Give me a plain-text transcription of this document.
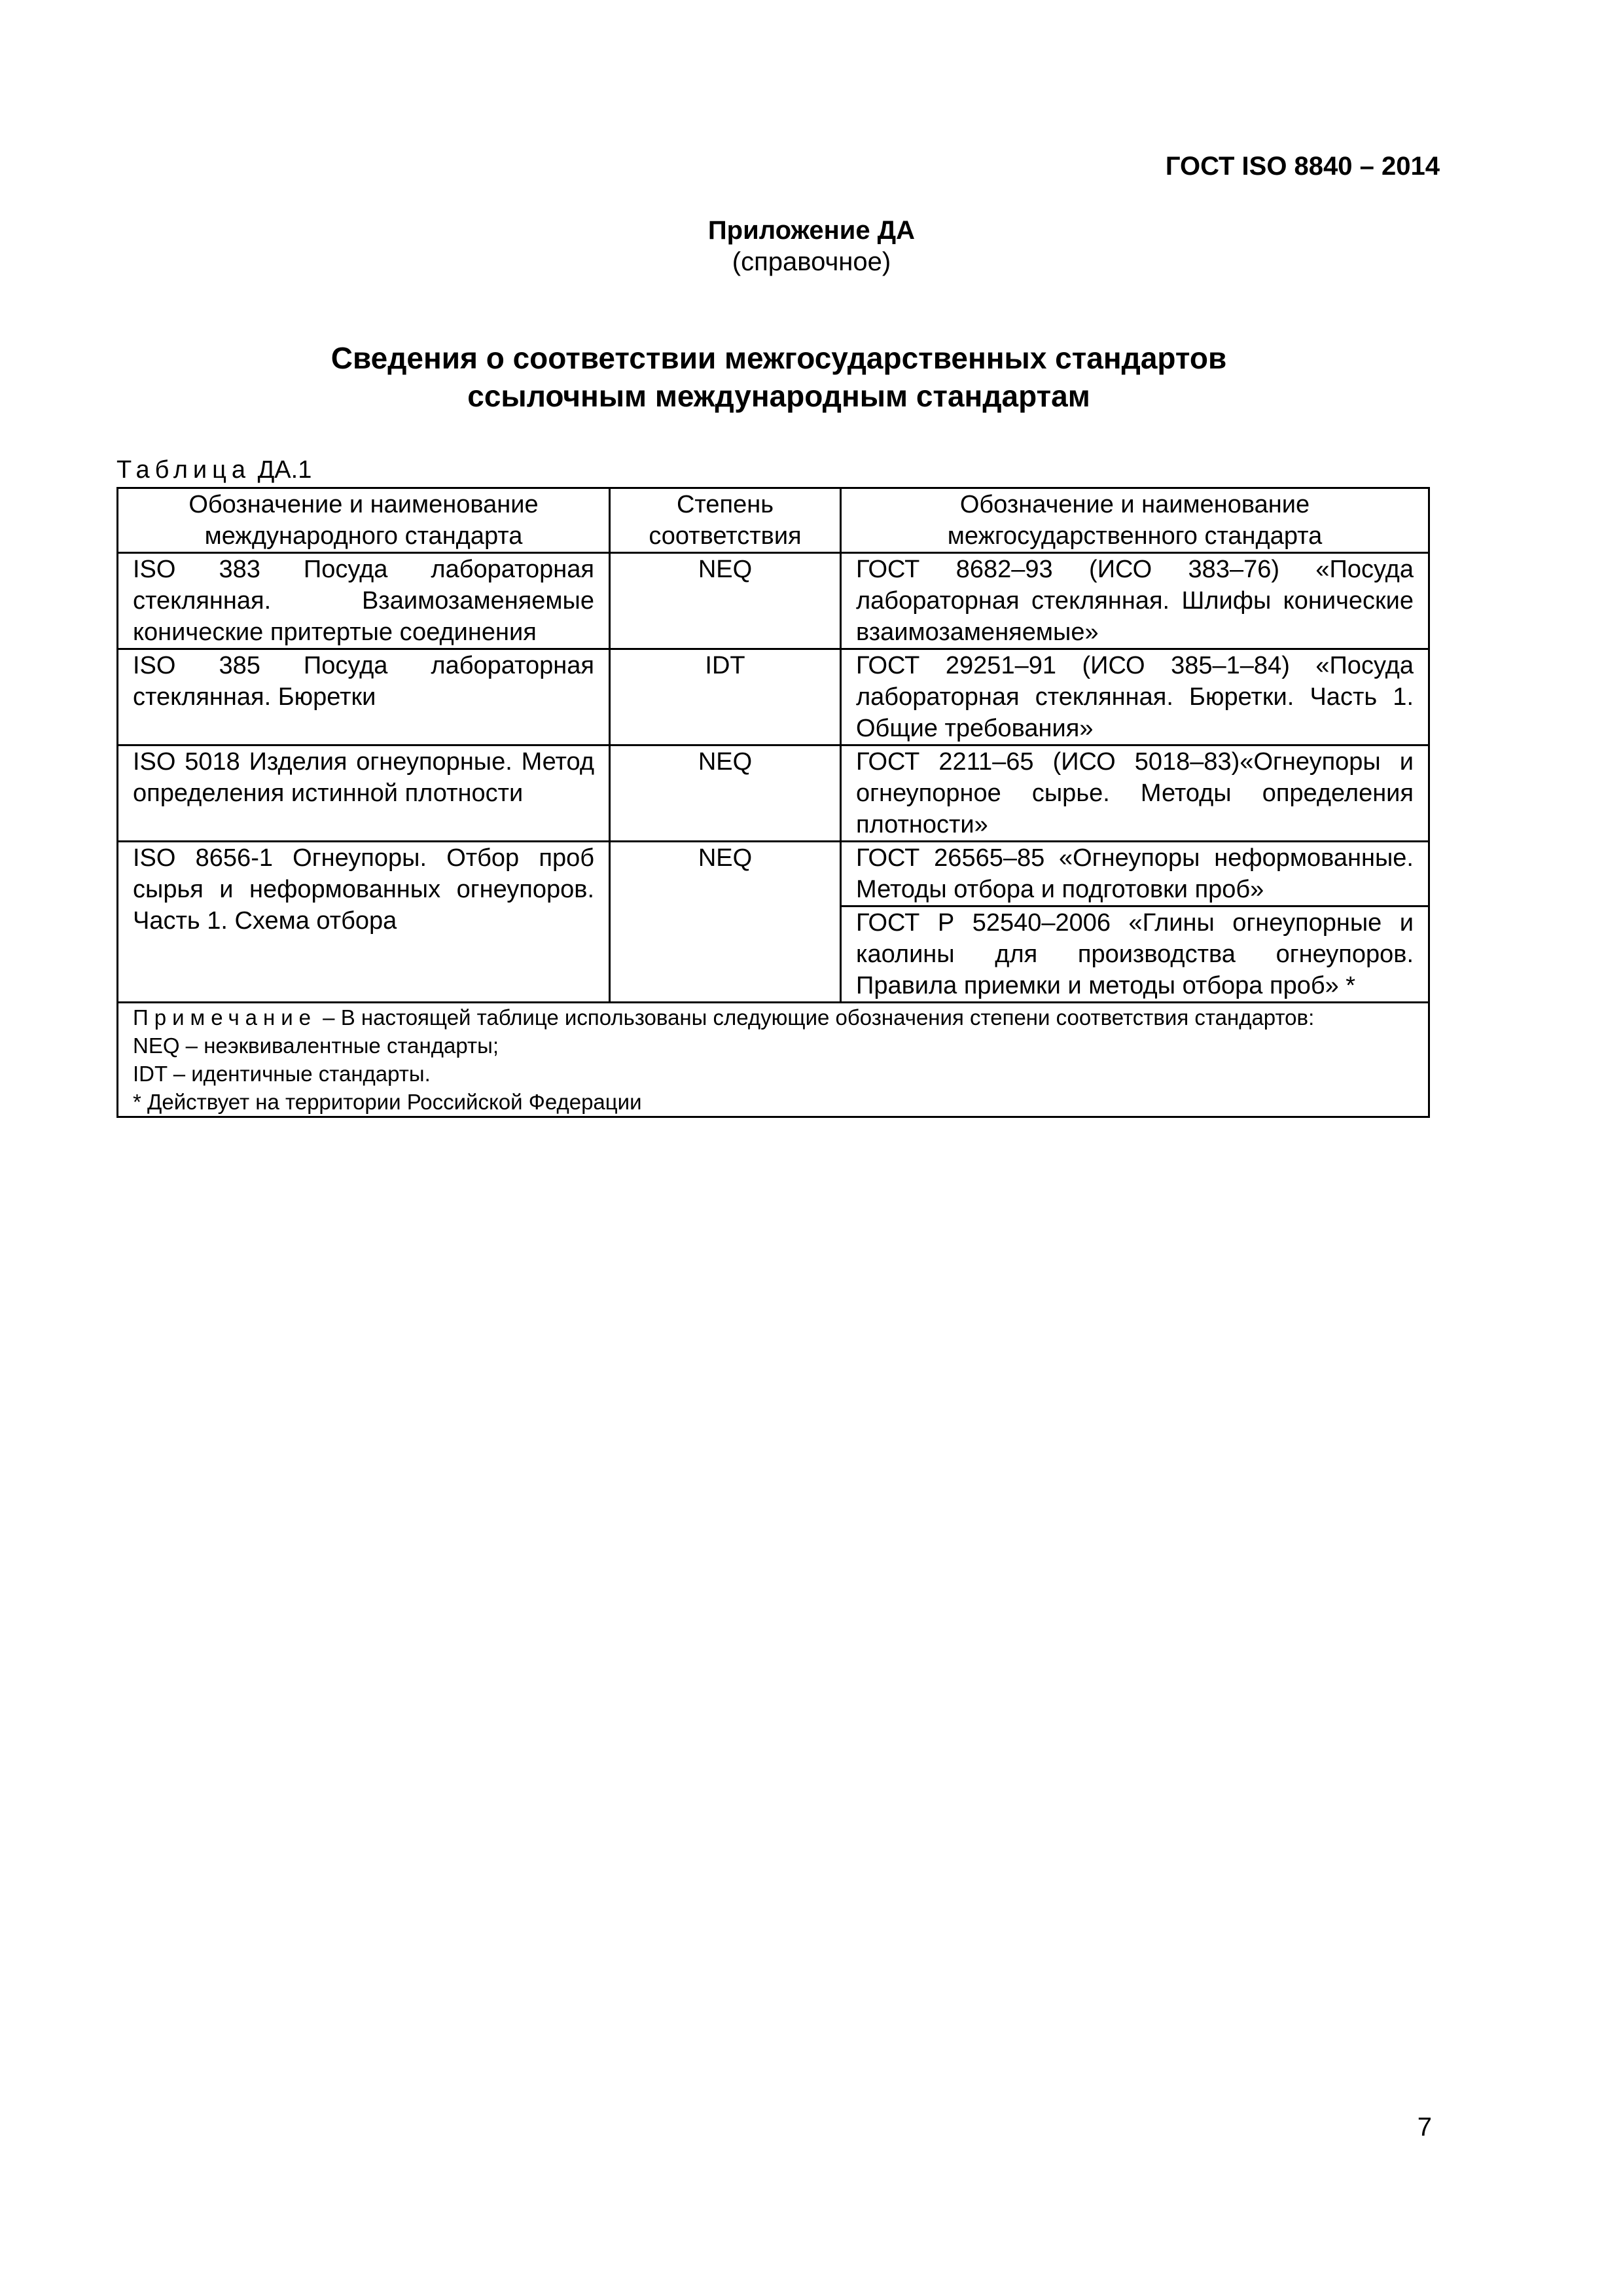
ГОСТ ISO 8840 – 2014
Приложение ДА
(справочное)
Сведения о соответствии межгосударственных стандартов
ссылочным международным стандартам
Таблица ДА.1
Обозначение и наименование международного стандарта	Степень соответствия	Обозначение и наименование межгосударственного стандарта
ISO 383 Посуда лабораторная стеклянная. Взаимозаменяемые конические притертые соединения	NEQ	ГОСТ 8682–93 (ИСО 383–76) «Посуда лабораторная стеклянная. Шлифы конические взаимозаменяемые»
ISO 385 Посуда лабораторная стеклянная. Бюретки	IDT	ГОСТ 29251–91 (ИСО 385–1–84) «Посуда лабораторная стеклянная. Бюретки. Часть 1. Общие требования»
ISO 5018 Изделия огнеупорные. Метод определения истинной плотности	NEQ	ГОСТ 2211–65 (ИСО 5018–83)«Огнеупоры и огнеупорное сырье. Методы определения плотности»
ISO 8656-1 Огнеупоры. Отбор проб сырья и неформованных огнеупоров. Часть 1. Схема отбора	NEQ	ГОСТ 26565–85 «Огнеупоры неформованные. Методы отбора и подготовки проб»
		ГОСТ Р 52540–2006 «Глины огнеупорные и каолины для производства огнеупоров. Правила приемки и методы отбора проб» *

Примечание – В настоящей таблице использованы следующие обозначения степени соответствия стандартов:
NEQ – неэквивалентные стандарты;
IDT – идентичные стандарты.
* Действует на территории Российской Федерации		
7
